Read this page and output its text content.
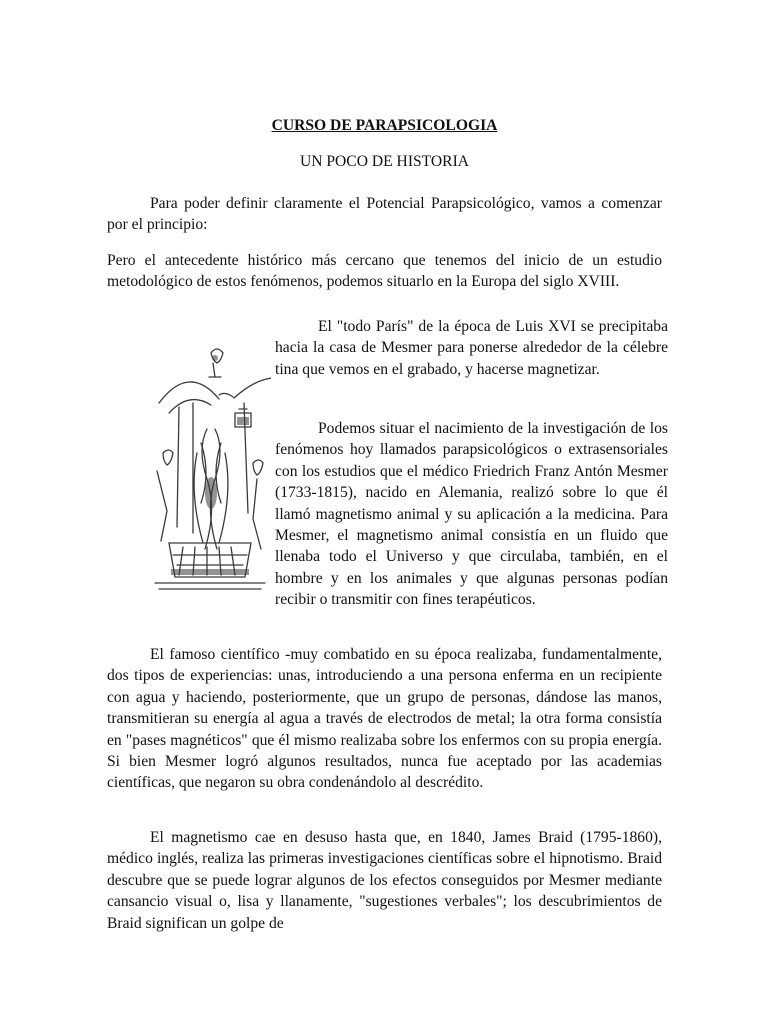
CURSO DE PARAPSICOLOGIA

UN POCO DE HISTORIA

Para poder definir claramente el Potencial Parapsicológico, vamos a comenzar por el principio:

Pero el antecedente histórico más cercano que tenemos del inicio de un estudio metodológico de estos fenómenos, podemos situarlo en la Europa del siglo XVIII.

El "todo París" de la época de Luis XVI se precipitaba hacia la casa de Mesmer para ponerse alrededor de la célebre tina que vemos en el grabado, y hacerse magnetizar.

Podemos situar el nacimiento de la investigación de los fenómenos hoy llamados parapsicológicos o extrasensoriales con los estudios que el médico Friedrich Franz Antón Mesmer (1733-1815), nacido en Alemania, realizó sobre lo que él llamó magnetismo animal y su aplicación a la medicina. Para Mesmer, el magnetismo animal consistía en un fluido que llenaba todo el Universo y que circulaba, también, en el hombre y en los animales y que algunas personas podían recibir o transmitir con fines terapéuticos.

El famoso científico -muy combatido en su época realizaba, fundamentalmente, dos tipos de experiencias: unas, introduciendo a una persona enferma en un recipiente con agua y haciendo, posteriormente, que un grupo de personas, dándose las manos, transmitieran su energía al agua a través de electrodos de metal; la otra forma consistía en "pases magnéticos" que él mismo realizaba sobre los enfermos con su propia energía. Si bien Mesmer logró algunos resultados, nunca fue aceptado por las academias científicas, que negaron su obra condenándolo al descrédito.

El magnetismo cae en desuso hasta que, en 1840, James Braid (1795-1860), médico inglés, realiza las primeras investigaciones científicas sobre el hipnotismo. Braid descubre que se puede lograr algunos de los efectos conseguidos por Mesmer mediante cansancio visual o, lisa y llanamente, "sugestiones verbales"; los descubrimientos de Braid significan un golpe de
